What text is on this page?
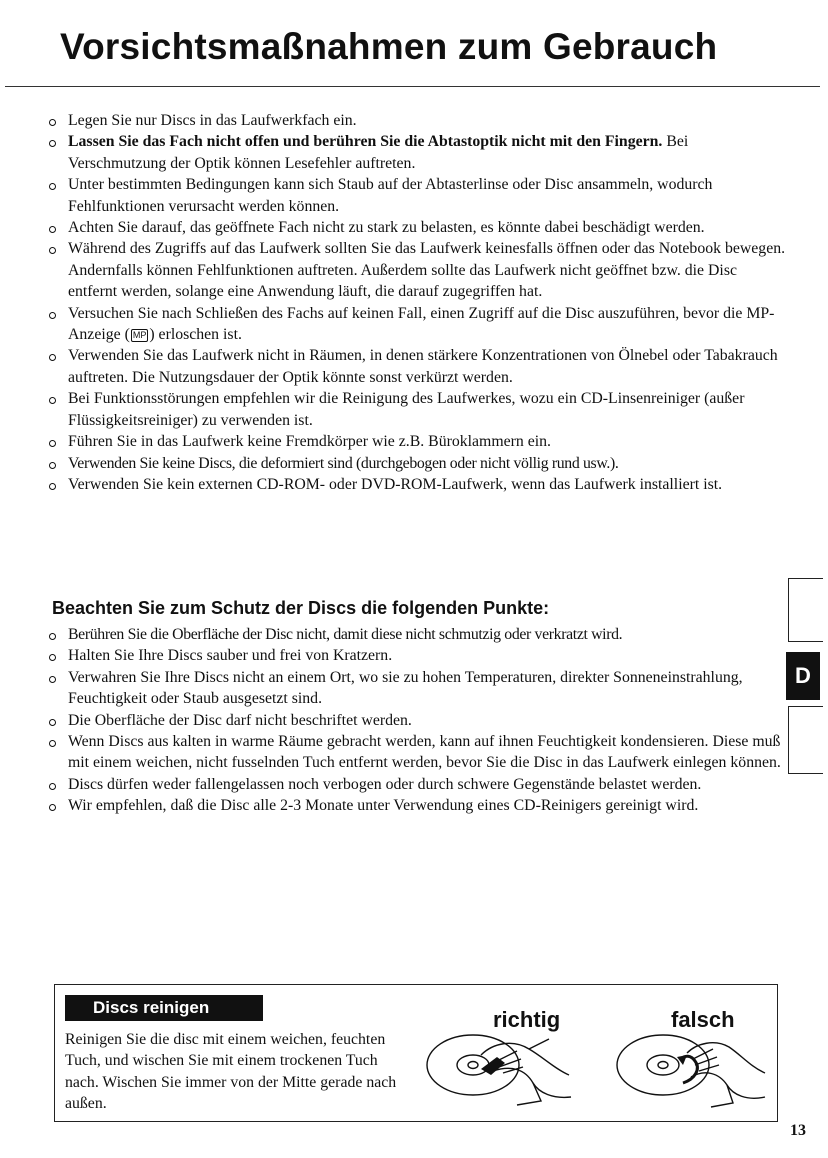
Vorsichtsmaßnahmen zum Gebrauch
Legen Sie nur Discs in das Laufwerkfach ein.
Lassen Sie das Fach nicht offen und berühren Sie die Abtastoptik nicht mit den Fingern. Bei Verschmutzung der Optik können Lesefehler auftreten.
Unter bestimmten Bedingungen kann sich Staub auf der Abtasterlinse oder Disc ansammeln, wodurch Fehlfunktionen verursacht werden können.
Achten Sie darauf, das geöffnete Fach nicht zu stark zu belasten, es könnte dabei beschädigt werden.
Während des Zugriffs auf das Laufwerk sollten Sie das Laufwerk keinesfalls öffnen oder das Notebook bewegen. Andernfalls können Fehlfunktionen auftreten. Außerdem sollte das Laufwerk nicht geöffnet bzw. die Disc entfernt werden, solange eine Anwendung läuft, die darauf zugegriffen hat.
Versuchen Sie nach Schließen des Fachs auf keinen Fall, einen Zugriff auf die Disc auszuführen, bevor die MP-Anzeige ( MP ) erloschen ist.
Verwenden Sie das Laufwerk nicht in Räumen, in denen stärkere Konzentrationen von Ölnebel oder Tabakrauch auftreten. Die Nutzungsdauer der Optik könnte sonst verkürzt werden.
Bei Funktionsstörungen empfehlen wir die Reinigung des Laufwerkes, wozu ein CD-Linsenreiniger (außer Flüssigkeitsreiniger) zu verwenden ist.
Führen Sie in das Laufwerk keine Fremdkörper wie z.B. Büroklammern ein.
Verwenden Sie keine Discs, die deformiert sind (durchgebogen oder nicht völlig rund usw.).
Verwenden Sie kein externen CD-ROM- oder DVD-ROM-Laufwerk, wenn das Laufwerk installiert ist.
Beachten Sie zum Schutz der Discs die folgenden Punkte:
Berühren Sie die Oberfläche der Disc nicht, damit diese nicht schmutzig oder verkratzt wird.
Halten Sie Ihre Discs sauber und frei von Kratzern.
Verwahren Sie Ihre Discs nicht an einem Ort, wo sie zu hohen Temperaturen, direkter Sonneneinstrahlung, Feuchtigkeit oder Staub ausgesetzt sind.
Die Oberfläche der Disc darf nicht beschriftet werden.
Wenn Discs aus kalten in warme Räume gebracht werden, kann auf ihnen Feuchtigkeit kondensieren. Diese muß mit einem weichen, nicht fusselnden Tuch entfernt werden, bevor Sie die Disc in das Laufwerk einlegen können.
Discs dürfen weder fallengelassen noch verbogen oder durch schwere Gegenstände belastet werden.
Wir empfehlen, daß die Disc alle 2-3 Monate unter Verwendung eines CD-Reinigers gereinigt wird.
D
Discs reinigen

Reinigen Sie die disc mit einem weichen, feuchten Tuch, und wischen Sie mit einem trockenen Tuch nach. Wischen Sie immer von der Mitte gerade nach außen.

richtig	falsch
13
